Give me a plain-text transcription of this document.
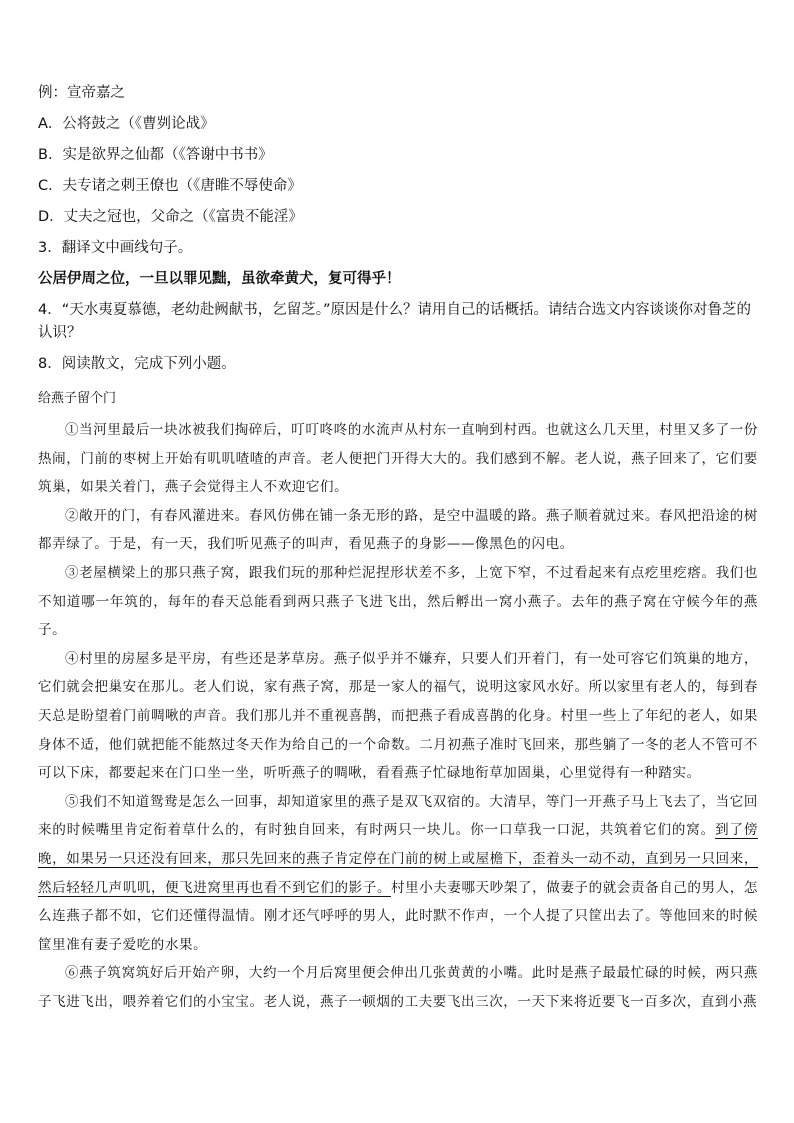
例：宣帝嘉之
A．公将鼓之（《曹刿论战》
B．实是欲界之仙都（《答谢中书书》
C．夫专诸之刺王僚也（《唐睢不辱使命》
D．丈夫之冠也，父命之（《富贵不能淫》
3．翻译文中画线句子。
公居伊周之位，一旦以罪见黜，虽欲牵黄犬，复可得乎！
4．“天水夷夏慕德，老幼赴阙献书，乞留芝。”原因是什么？请用自己的话概括。请结合选文内容谈谈你对鲁芝的认识？
8．阅读散文，完成下列小题。
给燕子留个门

①当河里最后一块冰被我们掏碎后，叮叮咚咚的水流声从村东一直响到村西。也就这么几天里，村里又多了一份热闹，门前的枣树上开始有叽叽喳喳的声音。老人便把门开得大大的。我们感到不解。老人说，燕子回来了，它们要筑巢，如果关着门，燕子会觉得主人不欢迎它们。

②敞开的门，有春风灌进来。春风仿佛在铺一条无形的路，是空中温暖的路。燕子顺着就过来。春风把沿途的树都弄绿了。于是，有一天，我们听见燕子的叫声，看见燕子的身影——像黑色的闪电。

③老屋横梁上的那只燕子窝，跟我们玩的那种烂泥捏形状差不多，上宽下窄，不过看起来有点疙里疙瘩。我们也不知道哪一年筑的，每年的春天总能看到两只燕子飞进飞出，然后孵出一窝小燕子。去年的燕子窝在守候今年的燕子。

④村里的房屋多是平房，有些还是茅草房。燕子似乎并不嫌弃，只要人们开着门，有一处可容它们筑巢的地方，它们就会把巢安在那儿。老人们说，家有燕子窝，那是一家人的福气，说明这家风水好。所以家里有老人的，每到春天总是盼望着门前啁啾的声音。我们那儿并不重视喜鹊，而把燕子看成喜鹊的化身。村里一些上了年纪的老人，如果身体不适，他们就把能不能熬过冬天作为给自己的一个命数。二月初燕子准时飞回来，那些躺了一冬的老人不管可不可以下床，都要起来在门口坐一坐，听听燕子的啁啾，看看燕子忙碌地衔草加固巢，心里觉得有一种踏实。

⑤我们不知道鸳鸯是怎么一回事，却知道家里的燕子是双飞双宿的。大清早，等门一开燕子马上飞去了，当它回来的时候嘴里肯定衔着草什么的，有时独自回来，有时两只一块儿。你一口草我一口泥，共筑着它们的窝。到了傍晚，如果另一只还没有回来，那只先回来的燕子肯定停在门前的树上或屋檐下，歪着头一动不动，直到另一只回来，然后轻轻几声叽叽，便飞进窝里再也看不到它们的影子。村里小夫妻哪天吵架了，做妻子的就会责备自己的男人，怎么连燕子都不如，它们还懂得温情。刚才还气呼呼的男人，此时默不作声，一个人提了只筐出去了。等他回来的时候筐里准有妻子爱吃的水果。

⑥燕子筑窝筑好后开始产卵，大约一个月后窝里便会伸出几张黄黄的小嘴。此时是燕子最最忙碌的时候，两只燕子飞进飞出，喂养着它们的小宝宝。老人说，燕子一顿烟的工夫要飞出三次，一天下来将近要飞一百多次，直到小燕
